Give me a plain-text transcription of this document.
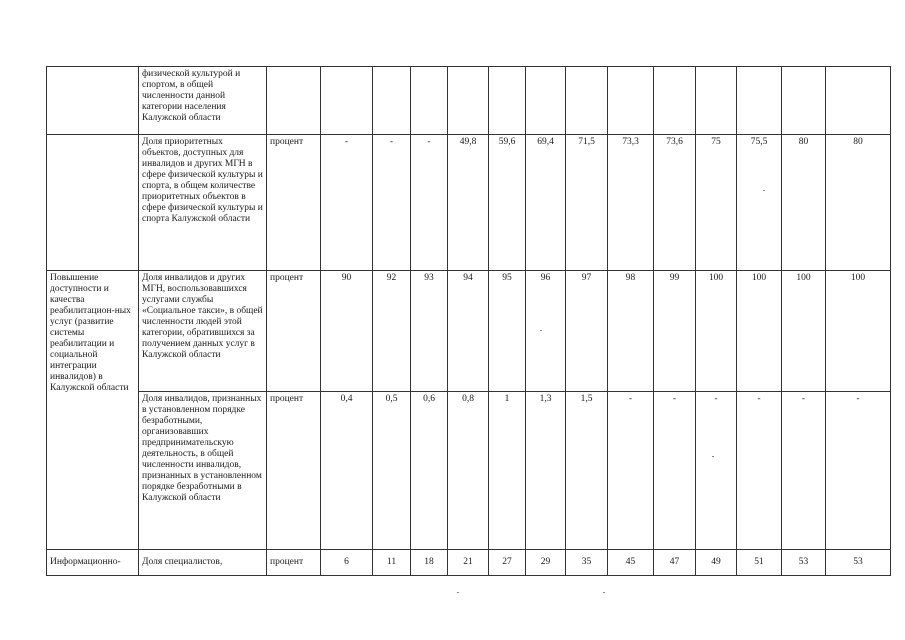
	физической культурой и спортом, в общей численности данной категории населения Калужской области														
	Доля приоритетных объектов, доступных для инвалидов и других МГН в сфере физической культуры и спорта, в общем количестве приоритетных объектов в сфере физической культуры и спорта Калужской области	процент	-	-	-	49,8	59,6	69,4	71,5	73,3	73,6	75	75,5	80	80
Повышение доступности и качества реабилитацион-ных услуг (развитие системы реабилитации и социальной интеграции инвалидов) в Калужской области	Доля инвалидов и других МГН, воспользовавшихся услугами службы «Социальное такси», в общей численности людей этой категории, обратившихся за получением данных услуг в Калужской области	процент	90	92	93	94	95	96	97	98	99	100	100	100	100
	Доля инвалидов, признанных в установленном порядке безработными, организовавших предпринимательскую деятельность, в общей численности инвалидов, признанных в установленном порядке безработными в Калужской области	процент	0,4	0,5	0,6	0,8	1	1,3	1,5	-	-	-	-	-	-
Информационно-	Доля специалистов,	процент	6	11	18	21	27	29	35	45	47	49	51	53	53
